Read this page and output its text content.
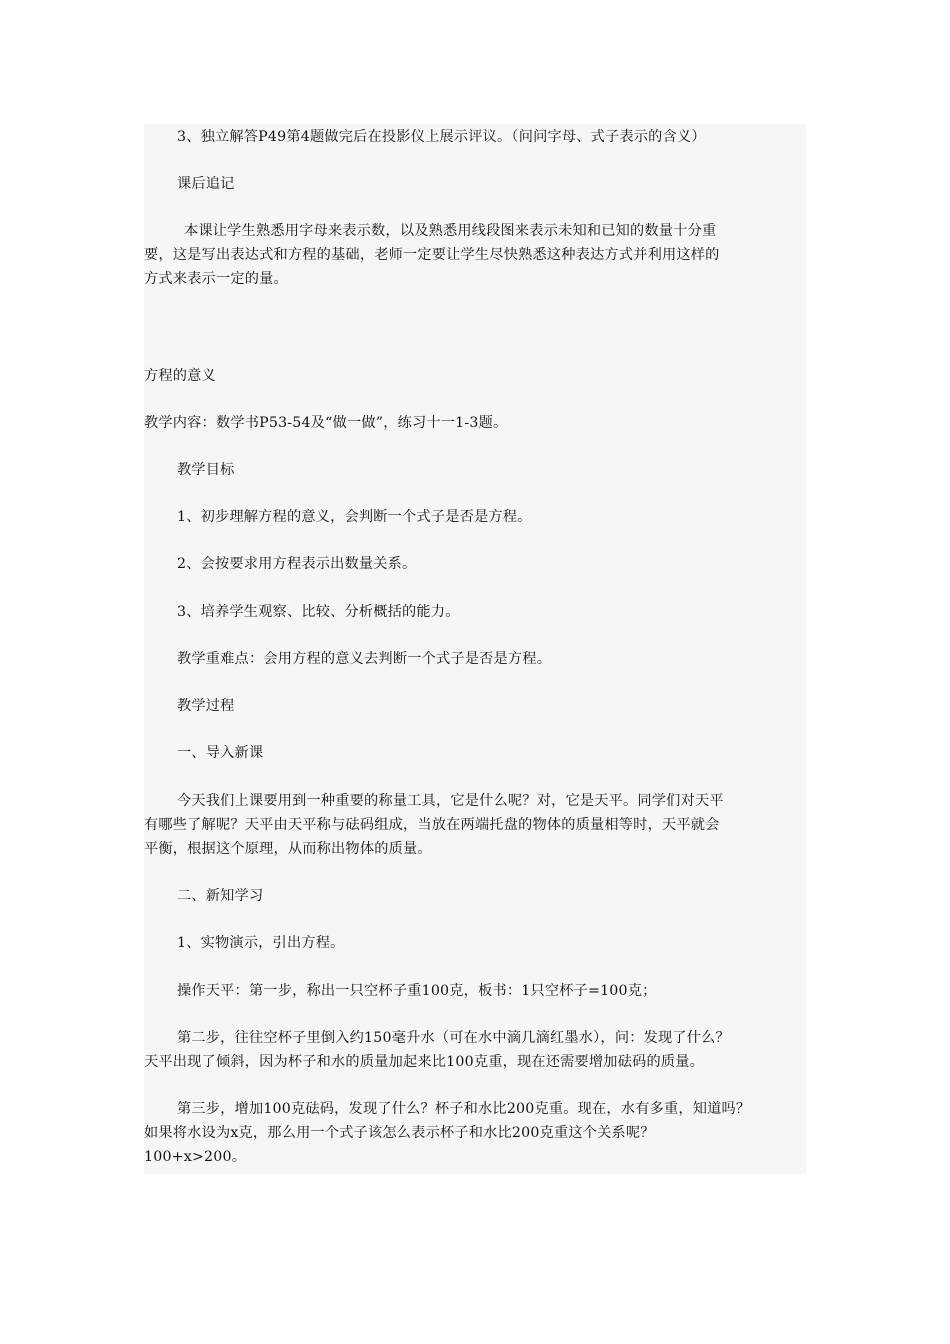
3、独立解答P49第4题做完后在投影仪上展示评议。（问问字母、式子表示的含义）
课后追记
本课让学生熟悉用字母来表示数，以及熟悉用线段图来表示未知和已知的数量十分重
要，这是写出表达式和方程的基础，老师一定要让学生尽快熟悉这种表达方式并利用这样的
方式来表示一定的量。
方程的意义
教学内容：数学书P53-54及“做一做”，练习十一1-3题。
教学目标
1、初步理解方程的意义，会判断一个式子是否是方程。
2、会按要求用方程表示出数量关系。
3、培养学生观察、比较、分析概括的能力。
教学重难点：会用方程的意义去判断一个式子是否是方程。
教学过程
一、导入新课
今天我们上课要用到一种重要的称量工具，它是什么呢？对，它是天平。同学们对天平
有哪些了解呢？天平由天平称与砝码组成，当放在两端托盘的物体的质量相等时，天平就会
平衡，根据这个原理，从而称出物体的质量。
二、新知学习
1、实物演示，引出方程。
操作天平：第一步，称出一只空杯子重100克，板书：1只空杯子=100克；
第二步，往往空杯子里倒入约150毫升水（可在水中滴几滴红墨水），问：发现了什么？
天平出现了倾斜，因为杯子和水的质量加起来比100克重，现在还需要增加砝码的质量。
第三步，增加100克砝码，发现了什么？杯子和水比200克重。现在，水有多重，知道吗？
如果将水设为x克，那么用一个式子该怎么表示杯子和水比200克重这个关系呢？
100+x>200。
